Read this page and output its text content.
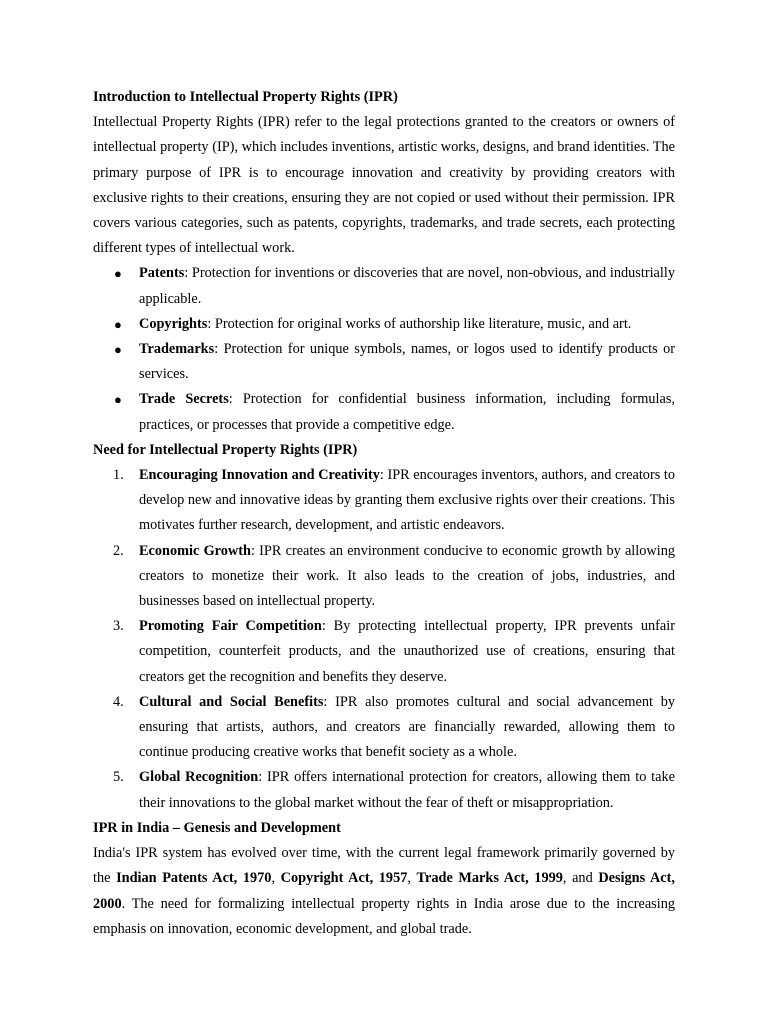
Introduction to Intellectual Property Rights (IPR)

Intellectual Property Rights (IPR) refer to the legal protections granted to the creators or owners of intellectual property (IP), which includes inventions, artistic works, designs, and brand identities. The primary purpose of IPR is to encourage innovation and creativity by providing creators with exclusive rights to their creations, ensuring they are not copied or used without their permission. IPR covers various categories, such as patents, copyrights, trademarks, and trade secrets, each protecting different types of intellectual work.

● Patents: Protection for inventions or discoveries that are novel, non-obvious, and industrially applicable.
● Copyrights: Protection for original works of authorship like literature, music, and art.
● Trademarks: Protection for unique symbols, names, or logos used to identify products or services.
● Trade Secrets: Protection for confidential business information, including formulas, practices, or processes that provide a competitive edge.

Need for Intellectual Property Rights (IPR)

1. Encouraging Innovation and Creativity: IPR encourages inventors, authors, and creators to develop new and innovative ideas by granting them exclusive rights over their creations. This motivates further research, development, and artistic endeavors.
2. Economic Growth: IPR creates an environment conducive to economic growth by allowing creators to monetize their work. It also leads to the creation of jobs, industries, and businesses based on intellectual property.
3. Promoting Fair Competition: By protecting intellectual property, IPR prevents unfair competition, counterfeit products, and the unauthorized use of creations, ensuring that creators get the recognition and benefits they deserve.
4. Cultural and Social Benefits: IPR also promotes cultural and social advancement by ensuring that artists, authors, and creators are financially rewarded, allowing them to continue producing creative works that benefit society as a whole.
5. Global Recognition: IPR offers international protection for creators, allowing them to take their innovations to the global market without the fear of theft or misappropriation.

IPR in India – Genesis and Development

India's IPR system has evolved over time, with the current legal framework primarily governed by the Indian Patents Act, 1970, Copyright Act, 1957, Trade Marks Act, 1999, and Designs Act, 2000. The need for formalizing intellectual property rights in India arose due to the increasing emphasis on innovation, economic development, and global trade.
